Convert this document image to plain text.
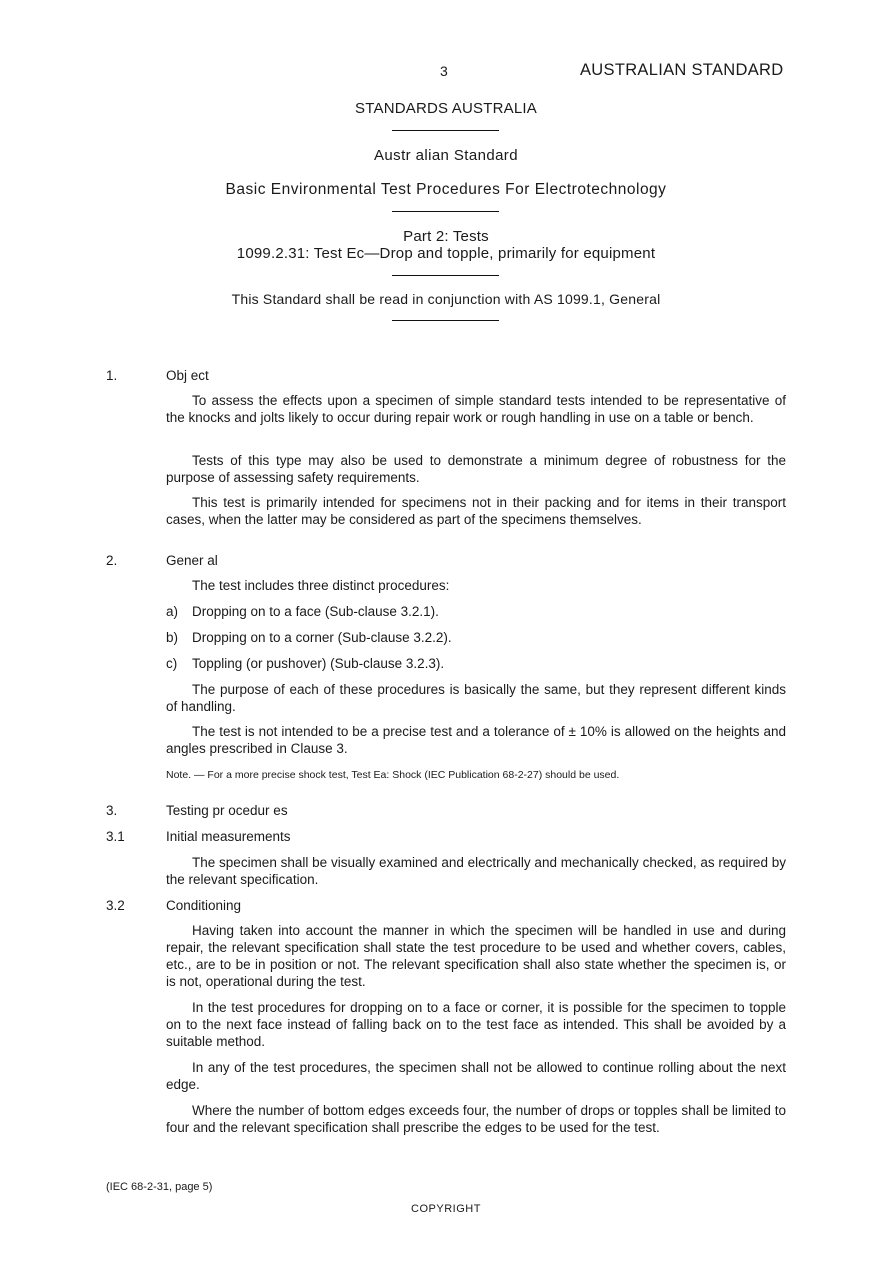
3	AUSTRALIAN STANDARD
STANDARDS AUSTRALIA
Austr alian Standard
Basic Environmental Test Procedures For Electrotechnology
Part 2: Tests
1099.2.31: Test Ec—Drop and topple, primarily for equipment
This Standard shall be read in conjunction with AS 1099.1, General
1.	Obj ect
To assess the effects upon a specimen of simple standard tests intended to be representative of the knocks and jolts likely to occur during repair work or rough handling in use on a table or bench.
Tests of this type may also be used to demonstrate a minimum degree of robustness for the purpose of assessing safety requirements.
This test is primarily intended for specimens not in their packing and for items in their transport cases, when the latter may be considered as part of the specimens themselves.
2.	Gener al
The test includes three distinct procedures:
a) Dropping on to a face (Sub-clause 3.2.1).
b) Dropping on to a corner (Sub-clause 3.2.2).
c) Toppling (or pushover) (Sub-clause 3.2.3).
The purpose of each of these procedures is basically the same, but they represent different kinds of handling.
The test is not intended to be a precise test and a tolerance of ± 10% is allowed on the heights and angles prescribed in Clause 3.
Note. — For a more precise shock test, Test Ea: Shock (IEC Publication 68-2-27) should be used.
3.	Testing pr ocedur es
3.1	Initial measurements
The specimen shall be visually examined and electrically and mechanically checked, as required by the relevant specification.
3.2	Conditioning
Having taken into account the manner in which the specimen will be handled in use and during repair, the relevant specification shall state the test procedure to be used and whether covers, cables, etc., are to be in position or not. The relevant specification shall also state whether the specimen is, or is not, operational during the test.
In the test procedures for dropping on to a face or corner, it is possible for the specimen to topple on to the next face instead of falling back on to the test face as intended. This shall be avoided by a suitable method.
In any of the test procedures, the specimen shall not be allowed to continue rolling about the next edge.
Where the number of bottom edges exceeds four, the number of drops or topples shall be limited to four and the relevant specification shall prescribe the edges to be used for the test.
(IEC 68-2-31, page 5)
COPYRIGHT
